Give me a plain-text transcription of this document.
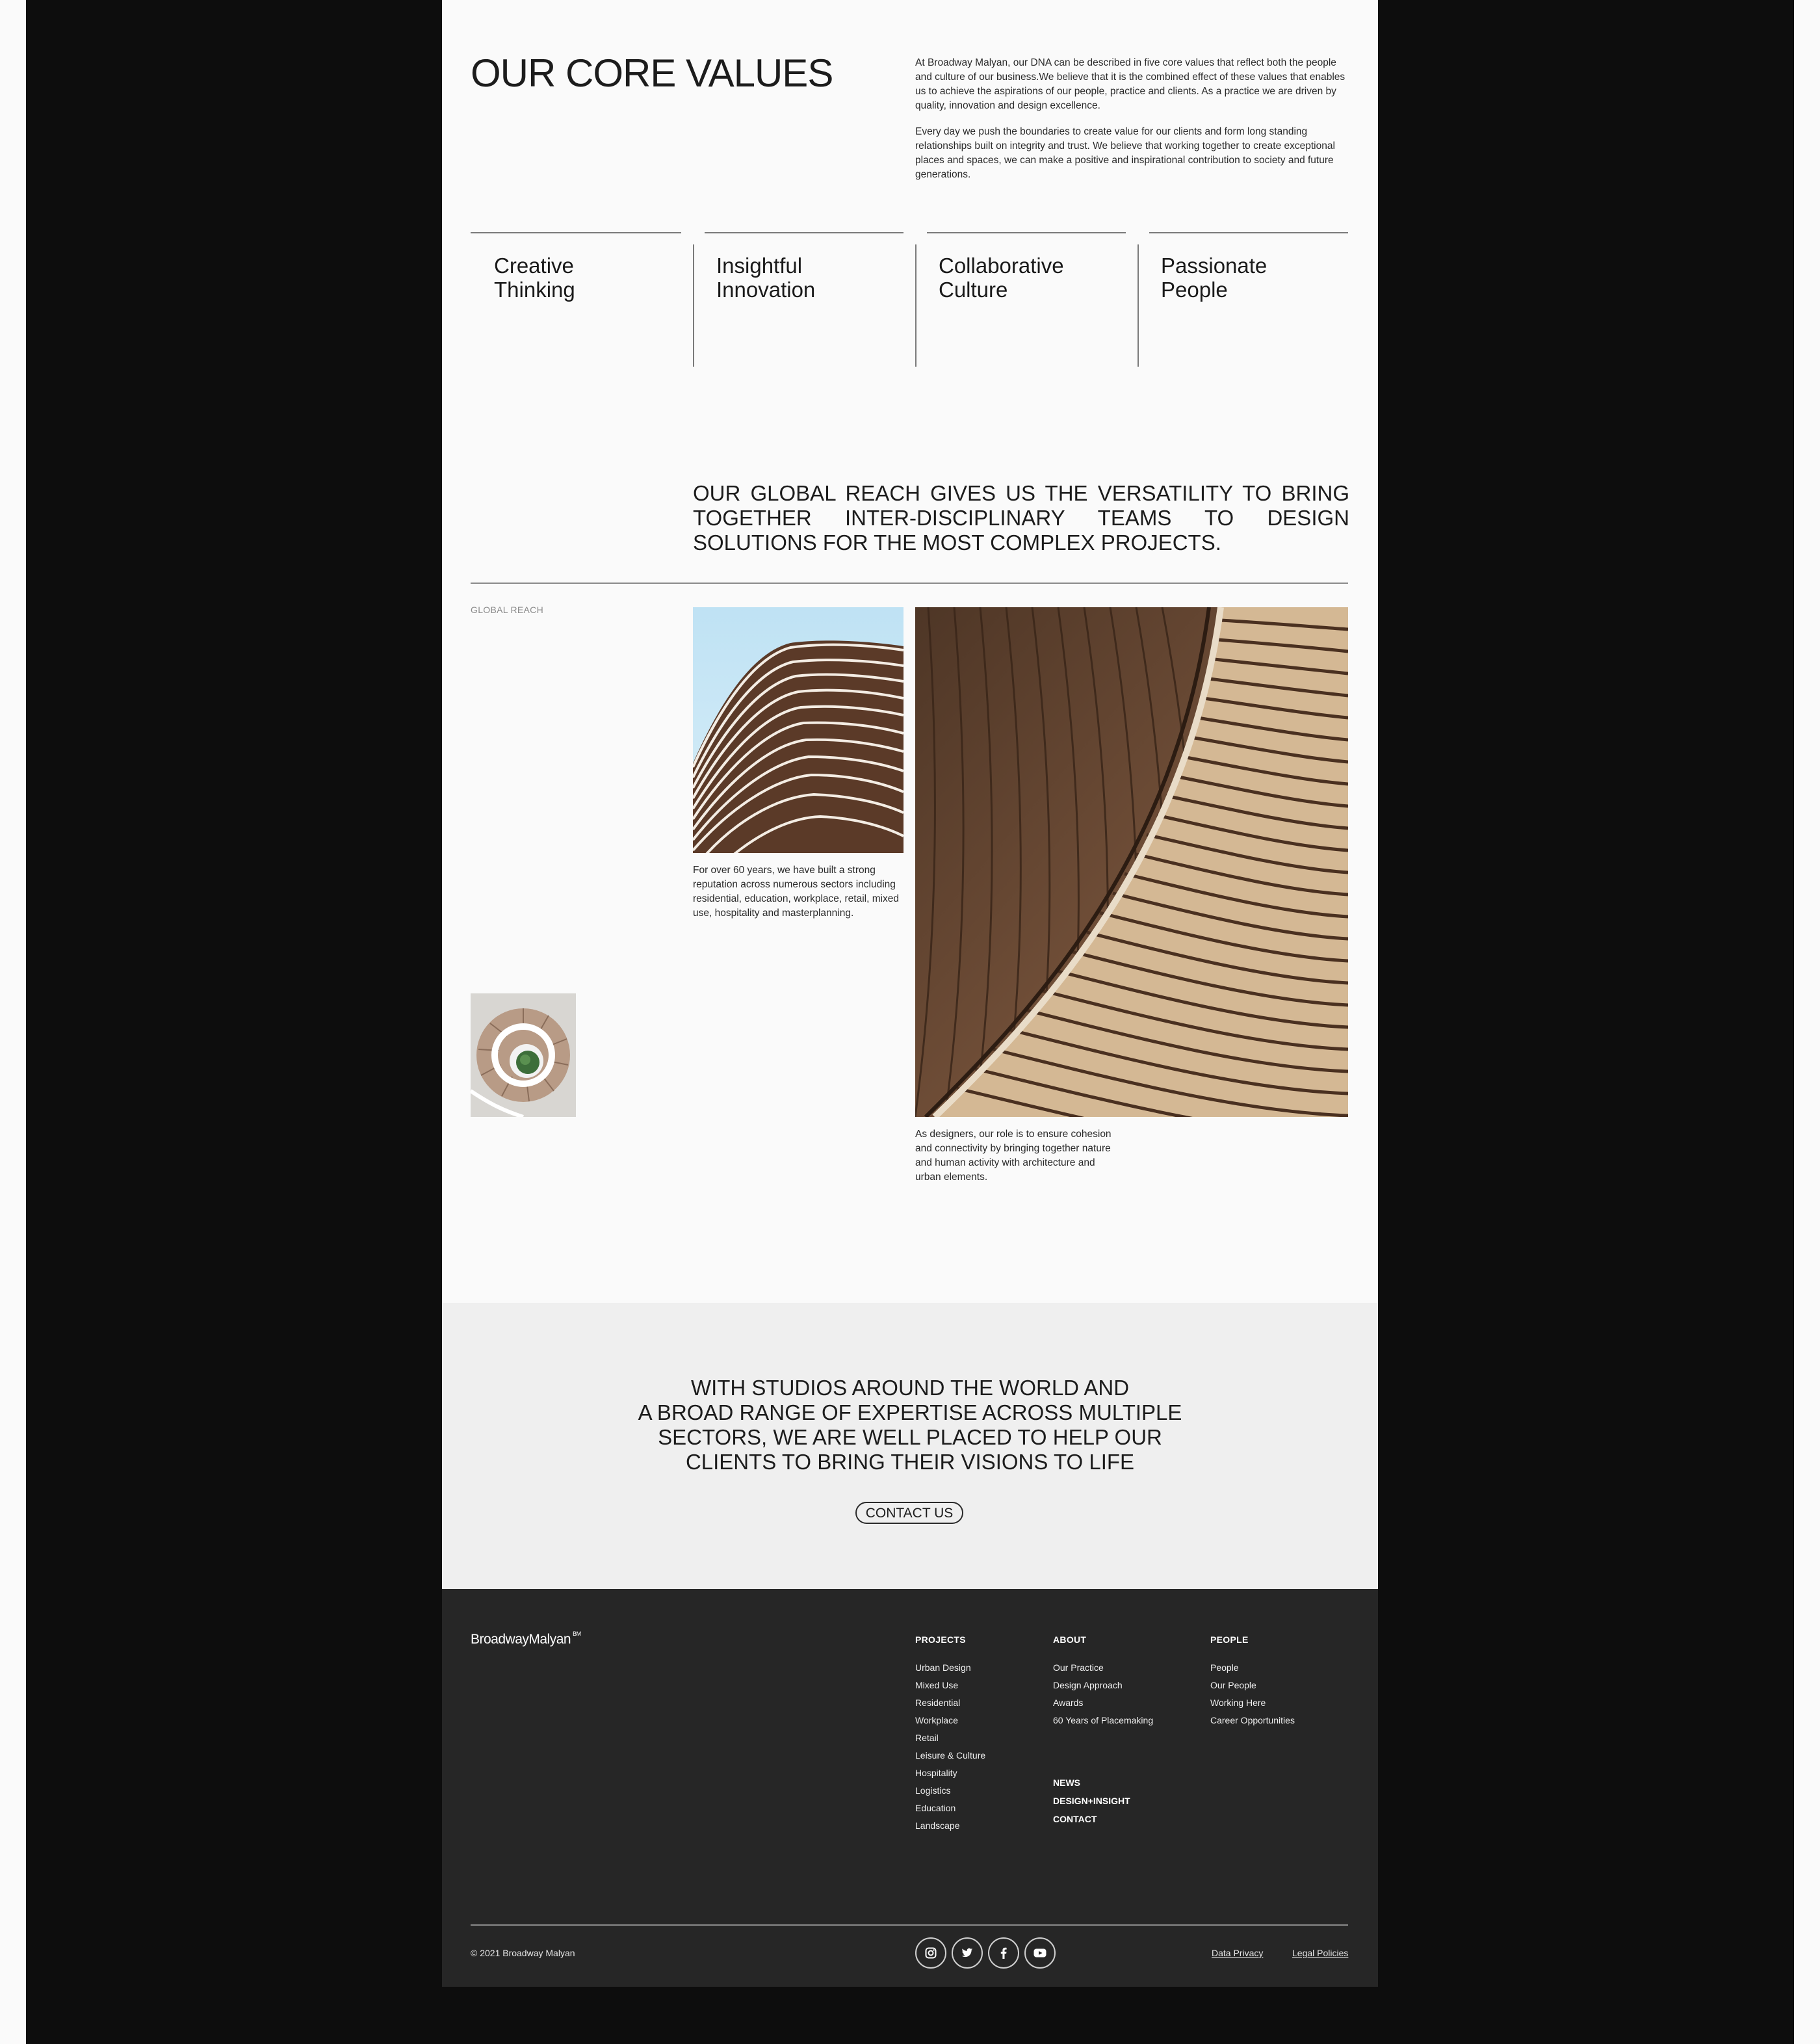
OUR CORE VALUES	At Broadway Malyan, our DNA can be described in five core values that reflect both the people and culture of our business.We believe that it is the combined effect of these values that enables us to achieve the aspirations of our people, practice and clients. As a practice we are driven by quality, innovation and design excellence.

Every day we push the boundaries to create value for our clients and form long standing relationships built on integrity and trust. We believe that working together to create exceptional places and spaces, we can make a positive and inspirational contribution to society and future generations.

Creative
Thinking
Insightful
Innovation
Collaborative
Culture
Passionate
People
OUR GLOBAL REACH GIVES US THE VERSATILITY TO BRING TOGETHER INTER-DISCIPLINARY TEAMS TO DESIGN SOLUTIONS FOR THE MOST COMPLEX PROJECTS.
GLOBAL REACH
For over 60 years, we have built a strong reputation across numerous sectors including residential, education, workplace, retail, mixed use, hospitality and masterplanning.
As designers, our role is to ensure cohesion and connectivity by bringing together nature and human activity with architecture and urban elements.
WITH STUDIOS AROUND THE WORLD AND
A BROAD RANGE OF EXPERTISE ACROSS MULTIPLE
SECTORS, WE ARE WELL PLACED TO HELP OUR
CLIENTS TO BRING THEIR VISIONS TO LIFE
CONTACT US
BroadwayMalyan $^{BM}$
PROJECTS
Urban Design
Mixed Use
Residential
Workplace
Retail
Leisure & Culture
Hospitality
Logistics
Education
Landscape
ABOUT
Our Practice
Design Approach
Awards
60 Years of Placemaking
NEWS
DESIGN+INSIGHT
CONTACT
PEOPLE
People
Our People
Working Here
Career Opportunities
© 2021 Broadway Malyan	Data Privacy	Legal Policies
